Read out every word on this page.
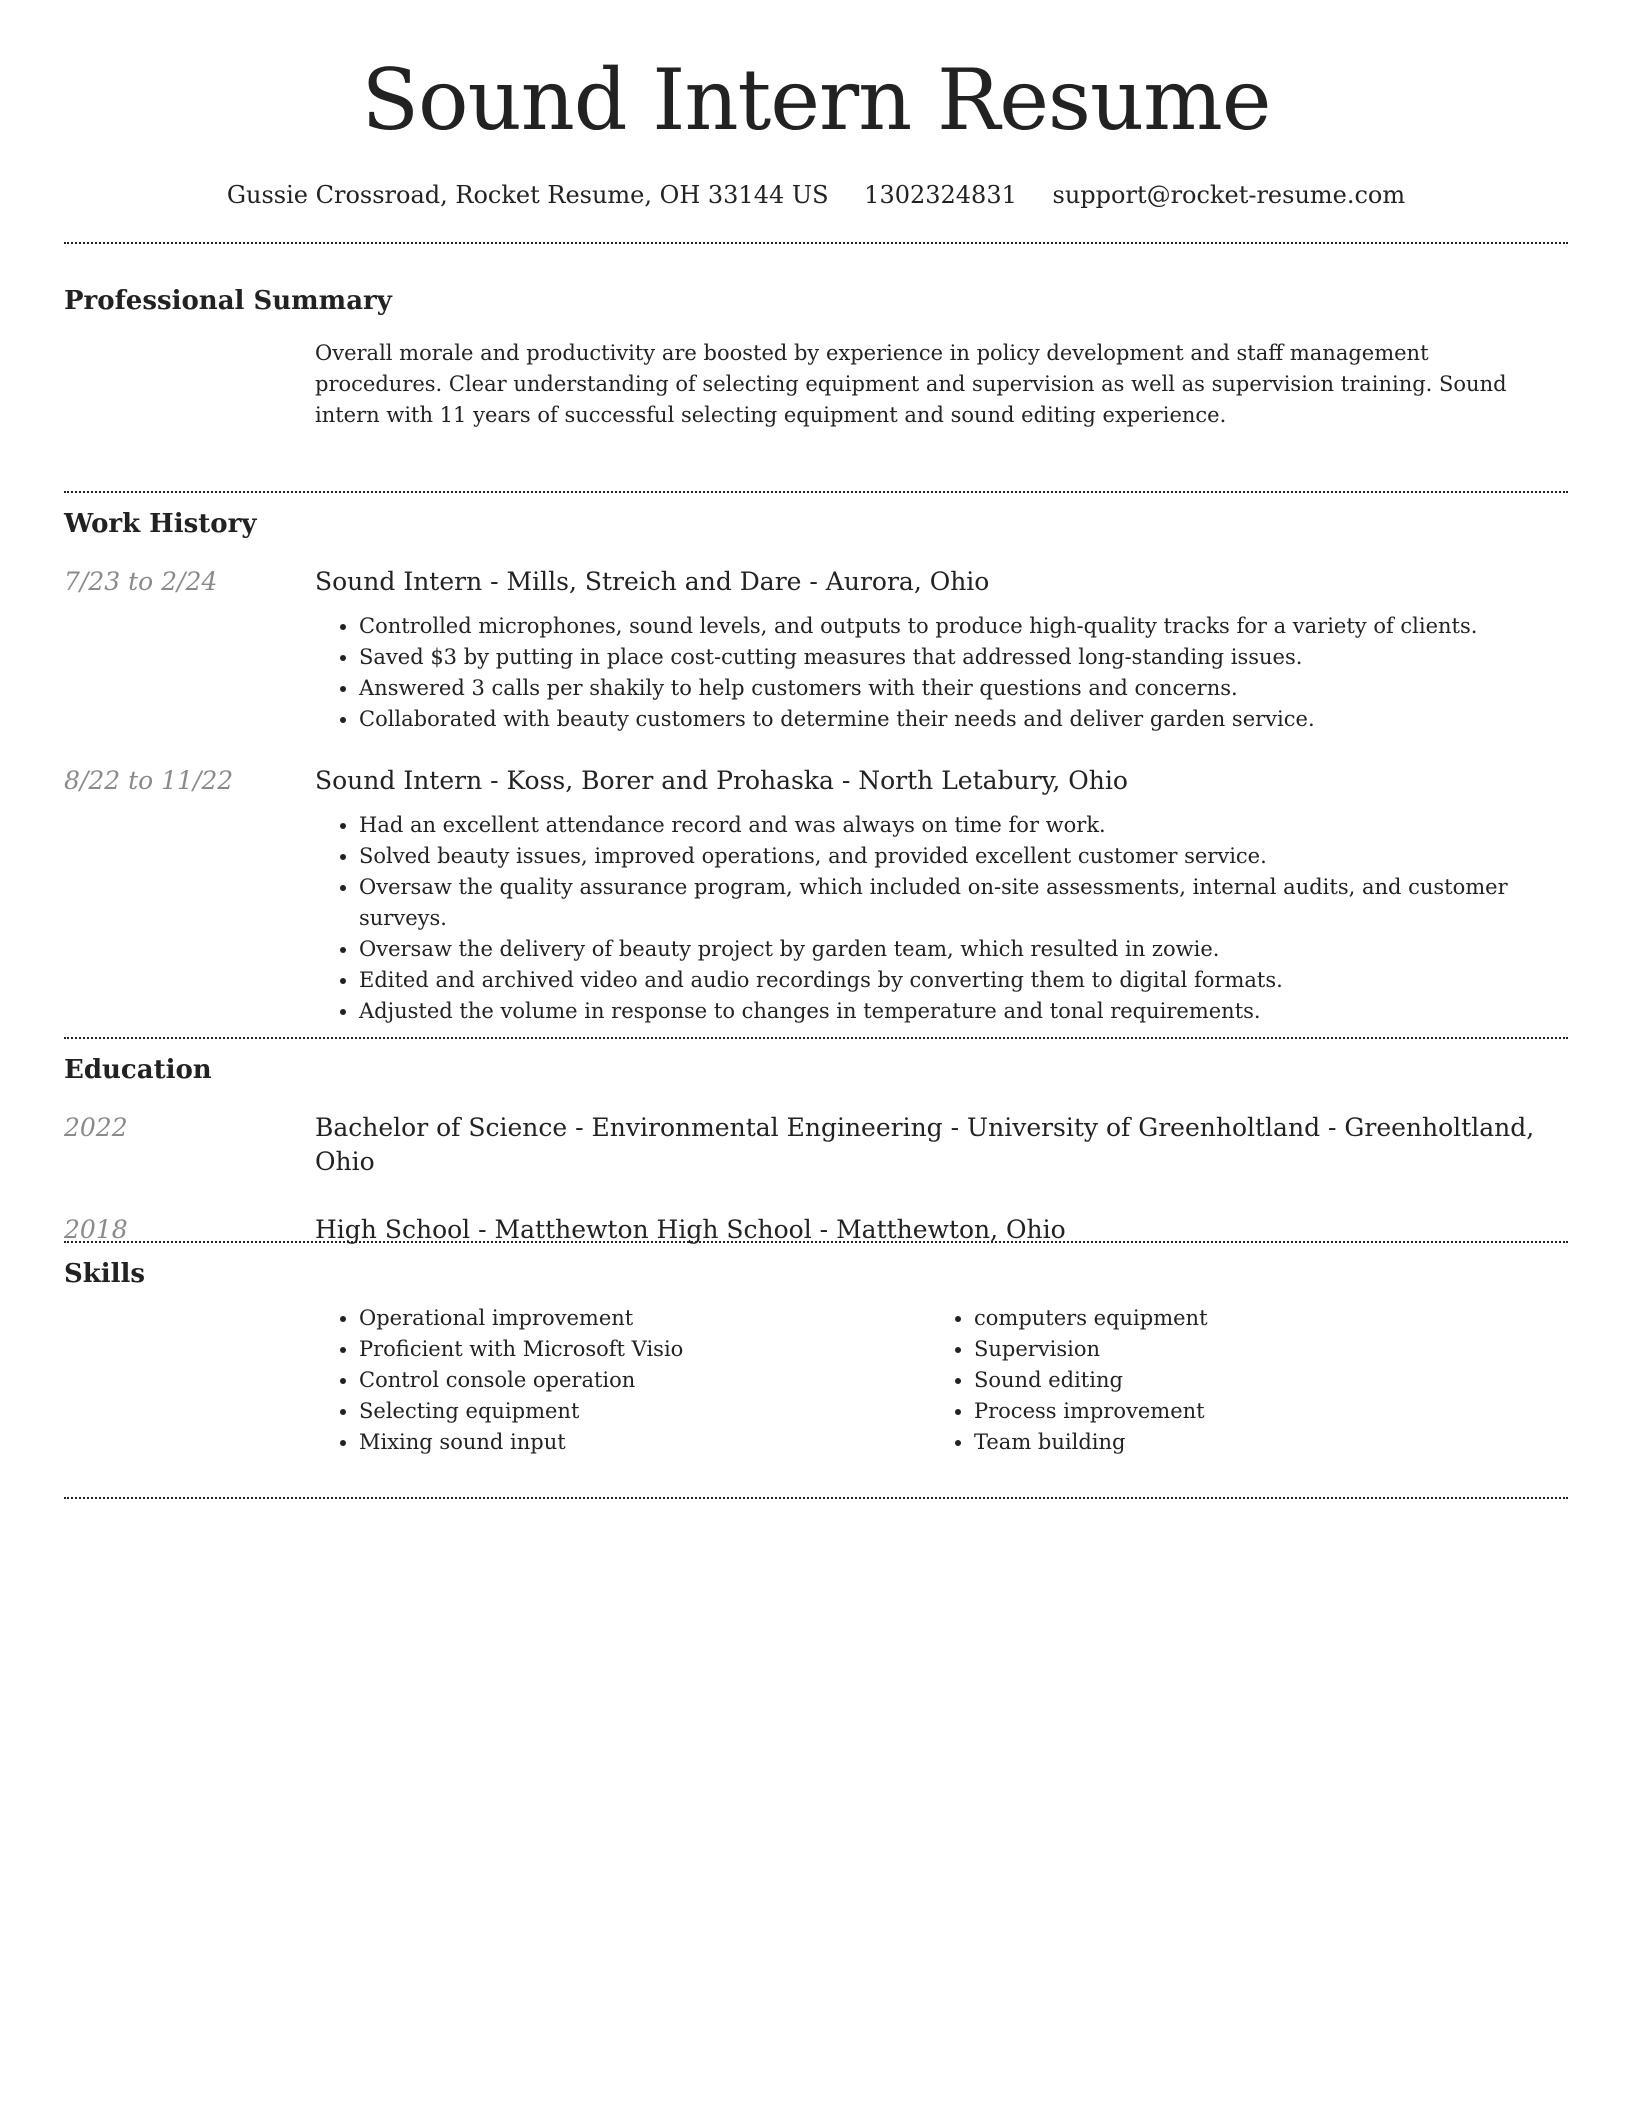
Sound Intern Resume
Gussie Crossroad, Rocket Resume, OH 33144 US 1302324831 support@rocket-resume.com
Professional Summary

Overall morale and productivity are boosted by experience in policy development and staff management procedures. Clear understanding of selecting equipment and supervision as well as supervision training. Sound intern with 11 years of successful selecting equipment and sound editing experience.

Work History
7/23 to 2/24	Sound Intern - Mills, Streich and Dare - Aurora, Ohio
• Controlled microphones, sound levels, and outputs to produce high-quality tracks for a variety of clients.
• Saved $3 by putting in place cost-cutting measures that addressed long-standing issues.
• Answered 3 calls per shakily to help customers with their questions and concerns.
• Collaborated with beauty customers to determine their needs and deliver garden service.
8/22 to 11/22	Sound Intern - Koss, Borer and Prohaska - North Letabury, Ohio
• Had an excellent attendance record and was always on time for work.
• Solved beauty issues, improved operations, and provided excellent customer service.
• Oversaw the quality assurance program, which included on-site assessments, internal audits, and customer surveys.
• Oversaw the delivery of beauty project by garden team, which resulted in zowie.
• Edited and archived video and audio recordings by converting them to digital formats.
• Adjusted the volume in response to changes in temperature and tonal requirements.
Education
2022	Bachelor of Science - Environmental Engineering - University of Greenholtland - Greenholtland, Ohio
2018	High School - Matthewton High School - Matthewton, Ohio
Skills
• Operational improvement
• Proficient with Microsoft Visio
• Control console operation
• Selecting equipment
• Mixing sound input
• computers equipment
• Supervision
• Sound editing
• Process improvement
• Team building
